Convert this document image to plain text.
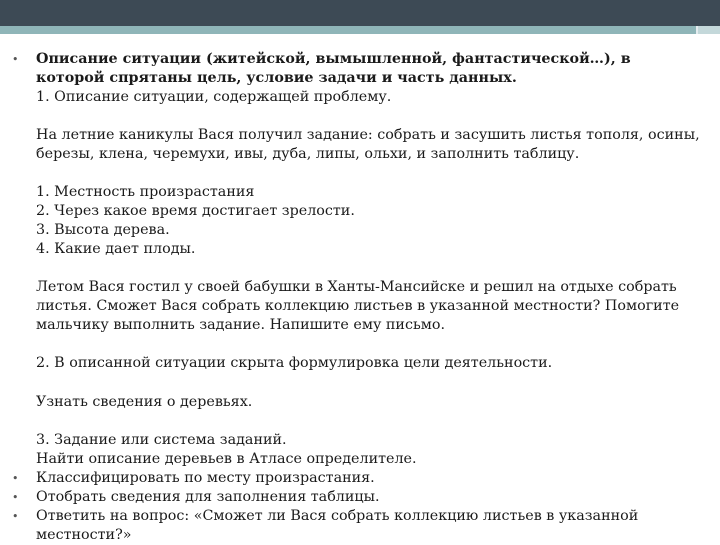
• Описание ситуации (житейской, вымышленной, фантастической…), в
которой спрятаны цель, условие задачи и часть данных.
1. Описание ситуации, содержащей проблему.
На летние каникулы Вася получил задание: собрать и засушить листья тополя, осины,
березы, клена, черемухи, ивы, дуба, липы, ольхи, и заполнить таблицу.
1. Местность произрастания
2. Через какое время достигает зрелости.
3. Высота дерева.
4. Какие дает плоды.
Летом Вася гостил у своей бабушки в Ханты-Мансийске и решил на отдыхе собрать
листья. Сможет Вася собрать коллекцию листьев в указанной местности? Помогите
мальчику выполнить задание. Напишите ему письмо.
2. В описанной ситуации скрыта формулировка цели деятельности.
Узнать сведения о деревьях.
3. Задание или система заданий.
Найти описание деревьев в Атласе определителе.
• Классифицировать по месту произрастания.
• Отобрать сведения для заполнения таблицы.
• Ответить на вопрос: «Сможет ли Вася собрать коллекцию листьев в указанной
местности?»
